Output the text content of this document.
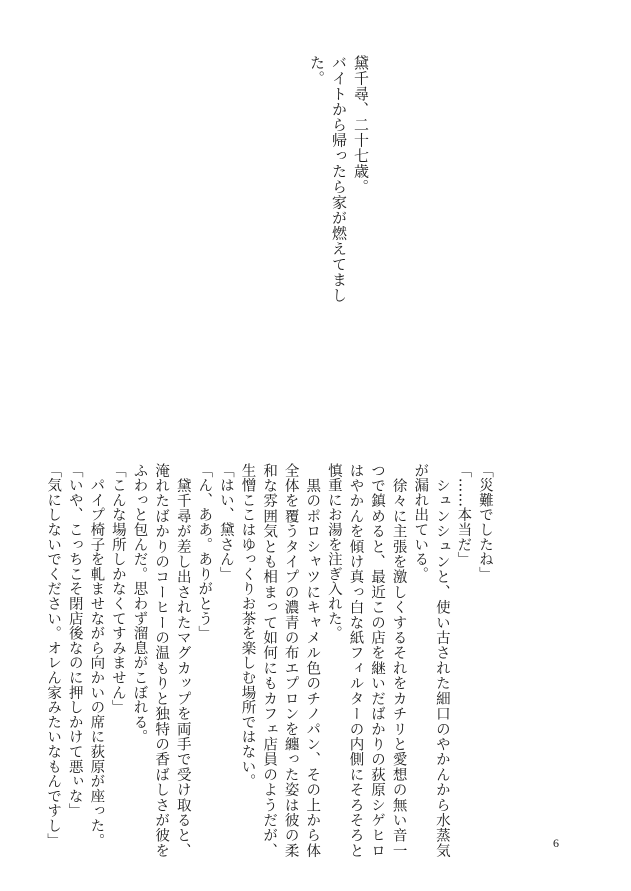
黛千尋、二十七歳。
バイトから帰ったら家が燃えてました。

「災難でしたね」

「……本当だ」

　シュンシュンと、使い古された細口のやかんから水蒸気が漏れ出ている。

　徐々に主張を激しくするそれをカチリと愛想の無い音一つで鎮めると、最近この店を継いだばかりの荻原シゲヒロはやかんを傾け真っ白な紙フィルターの内側にそろそろと慎重にお湯を注ぎ入れた。

　黒のポロシャツにキャメル色のチノパン、その上から体全体を覆うタイプの濃青の布エプロンを纏った姿は彼の柔和な雰囲気とも相まって如何にもカフェ店員のようだが、生憎ここはゆっくりお茶を楽しむ場所ではない。

「はい、黛さん」

「ん、ああ。ありがとう」

　黛千尋が差し出されたマグカップを両手で受け取ると、淹れたばかりのコーヒーの温もりと独特の香ばしさが彼をふわっと包んだ。思わず溜息がこぼれる。

「こんな場所しかなくてすみません」

　パイプ椅子を軋ませながら向かいの席に荻原が座った。

「いや、こっちこそ閉店後なのに押しかけて悪ぃな」

「気にしないでください。オレん家みたいなもんですし」	6
